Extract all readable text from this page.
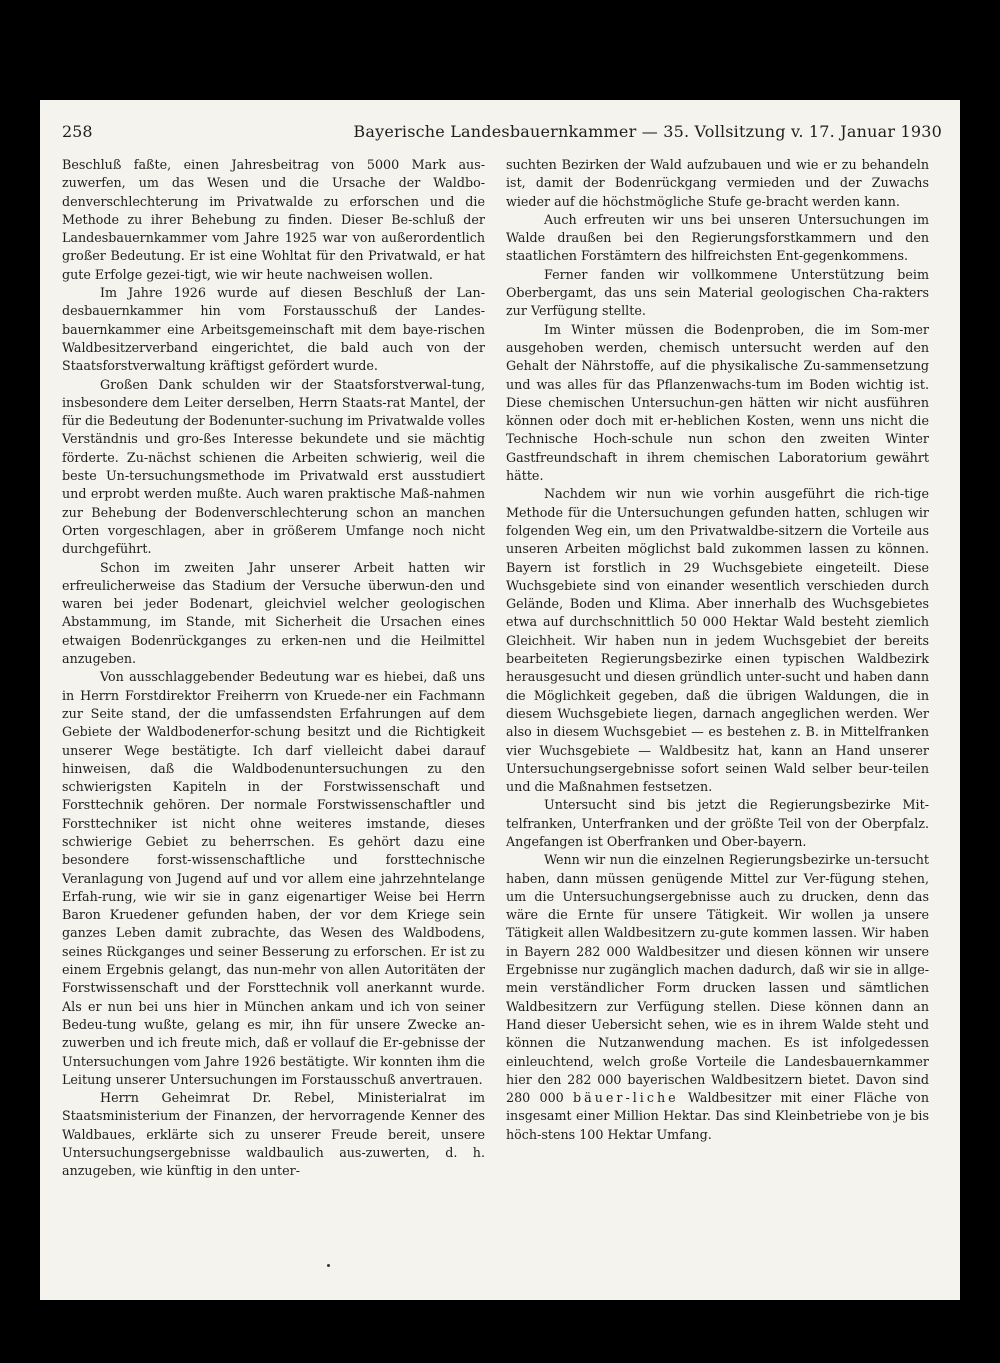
258	Bayerische Landesbauernkammer — 35. Vollsitzung v. 17. Januar 1930

Beschluß faßte, einen Jahresbeitrag von 5000 Mark aus-zuwerfen, um das Wesen und die Ursache der Waldbo-denverschlechterung im Privatwalde zu erforschen und die Methode zu ihrer Behebung zu finden. Dieser Be-schluß der Landesbauernkammer vom Jahre 1925 war von außerordentlich großer Bedeutung. Er ist eine Wohltat für den Privatwald, er hat gute Erfolge gezei-tigt, wie wir heute nachweisen wollen.

Im Jahre 1926 wurde auf diesen Beschluß der Lan-desbauernkammer hin vom Forstausschuß der Landes-bauernkammer eine Arbeitsgemeinschaft mit dem baye-rischen Waldbesitzerverband eingerichtet, die bald auch von der Staatsforstverwaltung kräftigst gefördert wurde.

Großen Dank schulden wir der Staatsforstverwal-tung, insbesondere dem Leiter derselben, Herrn Staats-rat Mantel, der für die Bedeutung der Bodenunter-suchung im Privatwalde volles Verständnis und gro-ßes Interesse bekundete und sie mächtig förderte. Zu-nächst schienen die Arbeiten schwierig, weil die beste Un-tersuchungsmethode im Privatwald erst ausstudiert und erprobt werden mußte. Auch waren praktische Maß-nahmen zur Behebung der Bodenverschlechterung schon an manchen Orten vorgeschlagen, aber in größerem Umfange noch nicht durchgeführt.

Schon im zweiten Jahr unserer Arbeit hatten wir erfreulicherweise das Stadium der Versuche überwun-den und waren bei jeder Bodenart, gleichviel welcher geologischen Abstammung, im Stande, mit Sicherheit die Ursachen eines etwaigen Bodenrückganges zu erken-nen und die Heilmittel anzugeben.

Von ausschlaggebender Bedeutung war es hiebei, daß uns in Herrn Forstdirektor Freiherrn von Kruede-ner ein Fachmann zur Seite stand, der die umfassendsten Erfahrungen auf dem Gebiete der Waldbodenerfor-schung besitzt und die Richtigkeit unserer Wege bestätigte. Ich darf vielleicht dabei darauf hinweisen, daß die Waldbodenuntersuchungen zu den schwierigsten Kapiteln in der Forstwissenschaft und Forsttechnik gehören. Der normale Forstwissenschaftler und Forsttechniker ist nicht ohne weiteres imstande, dieses schwierige Gebiet zu beherrschen. Es gehört dazu eine besondere forst-wissenschaftliche und forsttechnische Veranlagung von Jugend auf und vor allem eine jahrzehntelange Erfah-rung, wie wir sie in ganz eigenartiger Weise bei Herrn Baron Kruedener gefunden haben, der vor dem Kriege sein ganzes Leben damit zubrachte, das Wesen des Waldbodens, seines Rückganges und seiner Besserung zu erforschen. Er ist zu einem Ergebnis gelangt, das nun-mehr von allen Autoritäten der Forstwissenschaft und der Forsttechnik voll anerkannt wurde. Als er nun bei uns hier in München ankam und ich von seiner Bedeu-tung wußte, gelang es mir, ihn für unsere Zwecke an-zuwerben und ich freute mich, daß er vollauf die Er-gebnisse der Untersuchungen vom Jahre 1926 bestätigte. Wir konnten ihm die Leitung unserer Untersuchungen im Forstausschuß anvertrauen.

Herrn Geheimrat Dr. Rebel, Ministerialrat im Staatsministerium der Finanzen, der hervorragende Kenner des Waldbaues, erklärte sich zu unserer Freude bereit, unsere Untersuchungsergebnisse waldbaulich aus-zuwerten, d. h. anzugeben, wie künftig in den unter-

suchten Bezirken der Wald aufzubauen und wie er zu behandeln ist, damit der Bodenrückgang vermieden und der Zuwachs wieder auf die höchstmögliche Stufe ge-bracht werden kann.

Auch erfreuten wir uns bei unseren Untersuchungen im Walde draußen bei den Regierungsforstkammern und den staatlichen Forstämtern des hilfreichsten Ent-gegenkommens.

Ferner fanden wir vollkommene Unterstützung beim Oberbergamt, das uns sein Material geologischen Cha-rakters zur Verfügung stellte.

Im Winter müssen die Bodenproben, die im Som-mer ausgehoben werden, chemisch untersucht werden auf den Gehalt der Nährstoffe, auf die physikalische Zu-sammensetzung und was alles für das Pflanzenwachs-tum im Boden wichtig ist. Diese chemischen Untersuchun-gen hätten wir nicht ausführen können oder doch mit er-heblichen Kosten, wenn uns nicht die Technische Hoch-schule nun schon den zweiten Winter Gastfreundschaft in ihrem chemischen Laboratorium gewährt hätte.

Nachdem wir nun wie vorhin ausgeführt die rich-tige Methode für die Untersuchungen gefunden hatten, schlugen wir folgenden Weg ein, um den Privatwaldbe-sitzern die Vorteile aus unseren Arbeiten möglichst bald zukommen lassen zu können. Bayern ist forstlich in 29 Wuchsgebiete eingeteilt. Diese Wuchsgebiete sind von einander wesentlich verschieden durch Gelände, Boden und Klima. Aber innerhalb des Wuchsgebietes etwa auf durchschnittlich 50 000 Hektar Wald besteht ziemlich Gleichheit. Wir haben nun in jedem Wuchsgebiet der bereits bearbeiteten Regierungsbezirke einen typischen Waldbezirk herausgesucht und diesen gründlich unter-sucht und haben dann die Möglichkeit gegeben, daß die übrigen Waldungen, die in diesem Wuchsgebiete liegen, darnach angeglichen werden. Wer also in diesem Wuchsgebiet — es bestehen z. B. in Mittelfranken vier Wuchsgebiete — Waldbesitz hat, kann an Hand unserer Untersuchungsergebnisse sofort seinen Wald selber beur-teilen und die Maßnahmen festsetzen.

Untersucht sind bis jetzt die Regierungsbezirke Mit-telfranken, Unterfranken und der größte Teil von der Oberpfalz. Angefangen ist Oberfranken und Ober-bayern.

Wenn wir nun die einzelnen Regierungsbezirke un-tersucht haben, dann müssen genügende Mittel zur Ver-fügung stehen, um die Untersuchungsergebnisse auch zu drucken, denn das wäre die Ernte für unsere Tätigkeit. Wir wollen ja unsere Tätigkeit allen Waldbesitzern zu-gute kommen lassen. Wir haben in Bayern 282 000 Waldbesitzer und diesen können wir unsere Ergebnisse nur zugänglich machen dadurch, daß wir sie in allge-mein verständlicher Form drucken lassen und sämtlichen Waldbesitzern zur Verfügung stellen. Diese können dann an Hand dieser Uebersicht sehen, wie es in ihrem Walde steht und können die Nutzanwendung machen. Es ist infolgedessen einleuchtend, welch große Vorteile die Landesbauernkammer hier den 282 000 bayerischen Waldbesitzern bietet. Davon sind 280 000 bäuer-liche Waldbesitzer mit einer Fläche von insgesamt einer Million Hektar. Das sind Kleinbetriebe von je bis höch-stens 100 Hektar Umfang.
